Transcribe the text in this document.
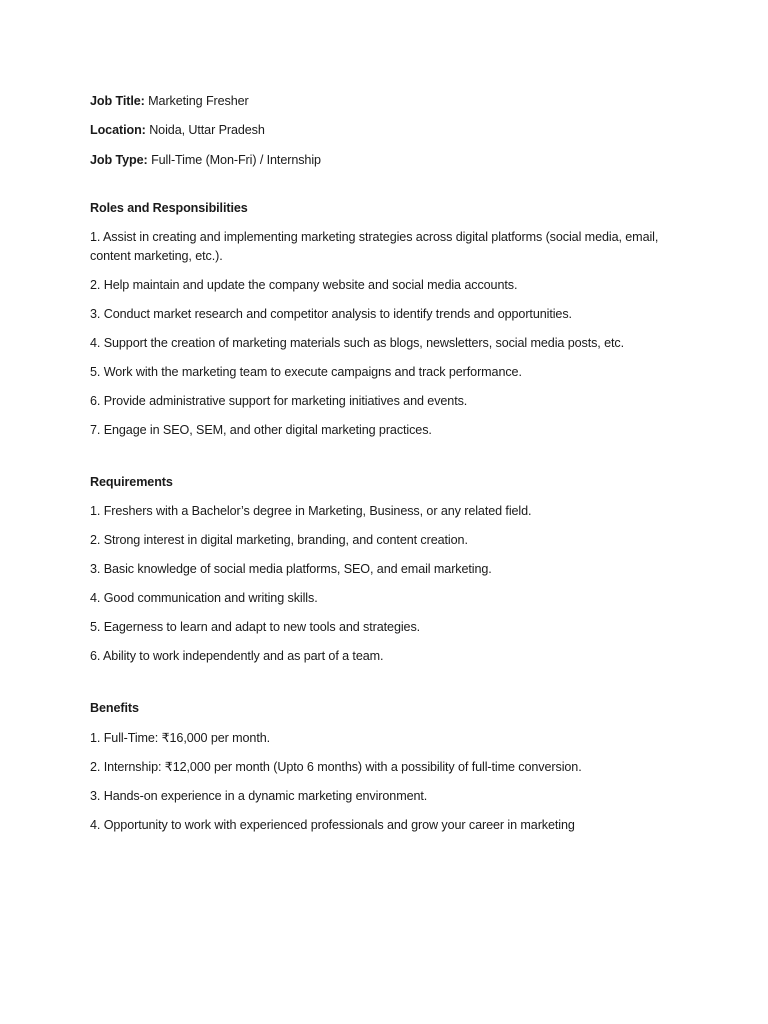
Job Title: Marketing Fresher
Location: Noida, Uttar Pradesh
Job Type: Full-Time (Mon-Fri) / Internship
Roles and Responsibilities
1. Assist in creating and implementing marketing strategies across digital platforms (social media, email, content marketing, etc.).
2. Help maintain and update the company website and social media accounts.
3. Conduct market research and competitor analysis to identify trends and opportunities.
4. Support the creation of marketing materials such as blogs, newsletters, social media posts, etc.
5. Work with the marketing team to execute campaigns and track performance.
6. Provide administrative support for marketing initiatives and events.
7. Engage in SEO, SEM, and other digital marketing practices.
Requirements
1. Freshers with a Bachelor’s degree in Marketing, Business, or any related field.
2. Strong interest in digital marketing, branding, and content creation.
3. Basic knowledge of social media platforms, SEO, and email marketing.
4. Good communication and writing skills.
5. Eagerness to learn and adapt to new tools and strategies.
6. Ability to work independently and as part of a team.
Benefits
1. Full-Time: ₹16,000 per month.
2. Internship: ₹12,000 per month (Upto 6 months) with a possibility of full-time conversion.
3. Hands-on experience in a dynamic marketing environment.
4. Opportunity to work with experienced professionals and grow your career in marketing
